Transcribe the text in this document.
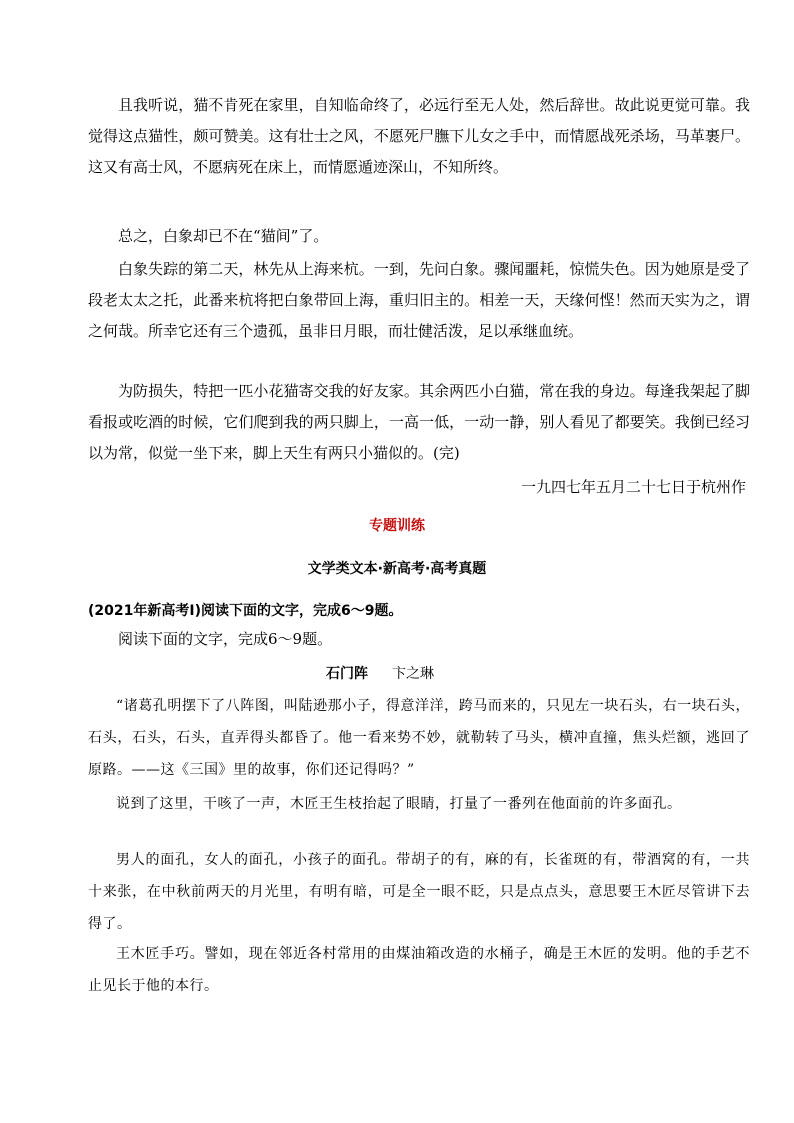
且我听说，猫不肯死在家里，自知临命终了，必远行至无人处，然后辞世。故此说更觉可靠。我觉得这点猫性，颇可赞美。这有壮士之风，不愿死尸膴下儿女之手中，而情愿战死杀场，马革裹尸。这又有高士风，不愿病死在床上，而情愿遁迹深山，不知所终。

总之，白象却已不在“猫间”了。

白象失踪的第二天，林先从上海来杭。一到，先问白象。骤闻噩耗，惊慌失色。因为她原是受了段老太太之托，此番来杭将把白象带回上海，重归旧主的。相差一天，天缘何悭！然而天实为之，谓之何哉。所幸它还有三个遗孤，虽非日月眼，而壮健活泼，足以承继血统。

为防损失，特把一匹小花猫寄交我的好友家。其余两匹小白猫，常在我的身边。每逢我架起了脚看报或吃酒的时候，它们爬到我的两只脚上，一高一低，一动一静，别人看见了都要笑。我倒已经习以为常，似觉一坐下来，脚上天生有两只小猫似的。(完)

一九四七年五月二十七日于杭州作
专题训练
文学类文本·新高考·高考真题
(2021年新高考Ⅰ)阅读下面的文字，完成6～9题。
阅读下面的文字，完成6～9题。
石门阵 卞之琳

“诸葛孔明摆下了八阵图，叫陆逊那小子，得意洋洋，跨马而来的，只见左一块石头，右一块石头，石头，石头，石头，直弄得头都昏了。他一看来势不妙，就勒转了马头，横冲直撞，焦头烂额，逃回了原路。——这《三国》里的故事，你们还记得吗？”

说到了这里，干咳了一声，木匠王生枝抬起了眼睛，打量了一番列在他面前的许多面孔。

男人的面孔，女人的面孔，小孩子的面孔。带胡子的有，麻的有，长雀斑的有，带酒窝的有，一共十来张，在中秋前两天的月光里，有明有暗，可是全一眼不眨，只是点点头，意思要王木匠尽管讲下去得了。

王木匠手巧。譬如，现在邻近各村常用的由煤油箱改造的水桶子，确是王木匠的发明。他的手艺不止见长于他的本行。
